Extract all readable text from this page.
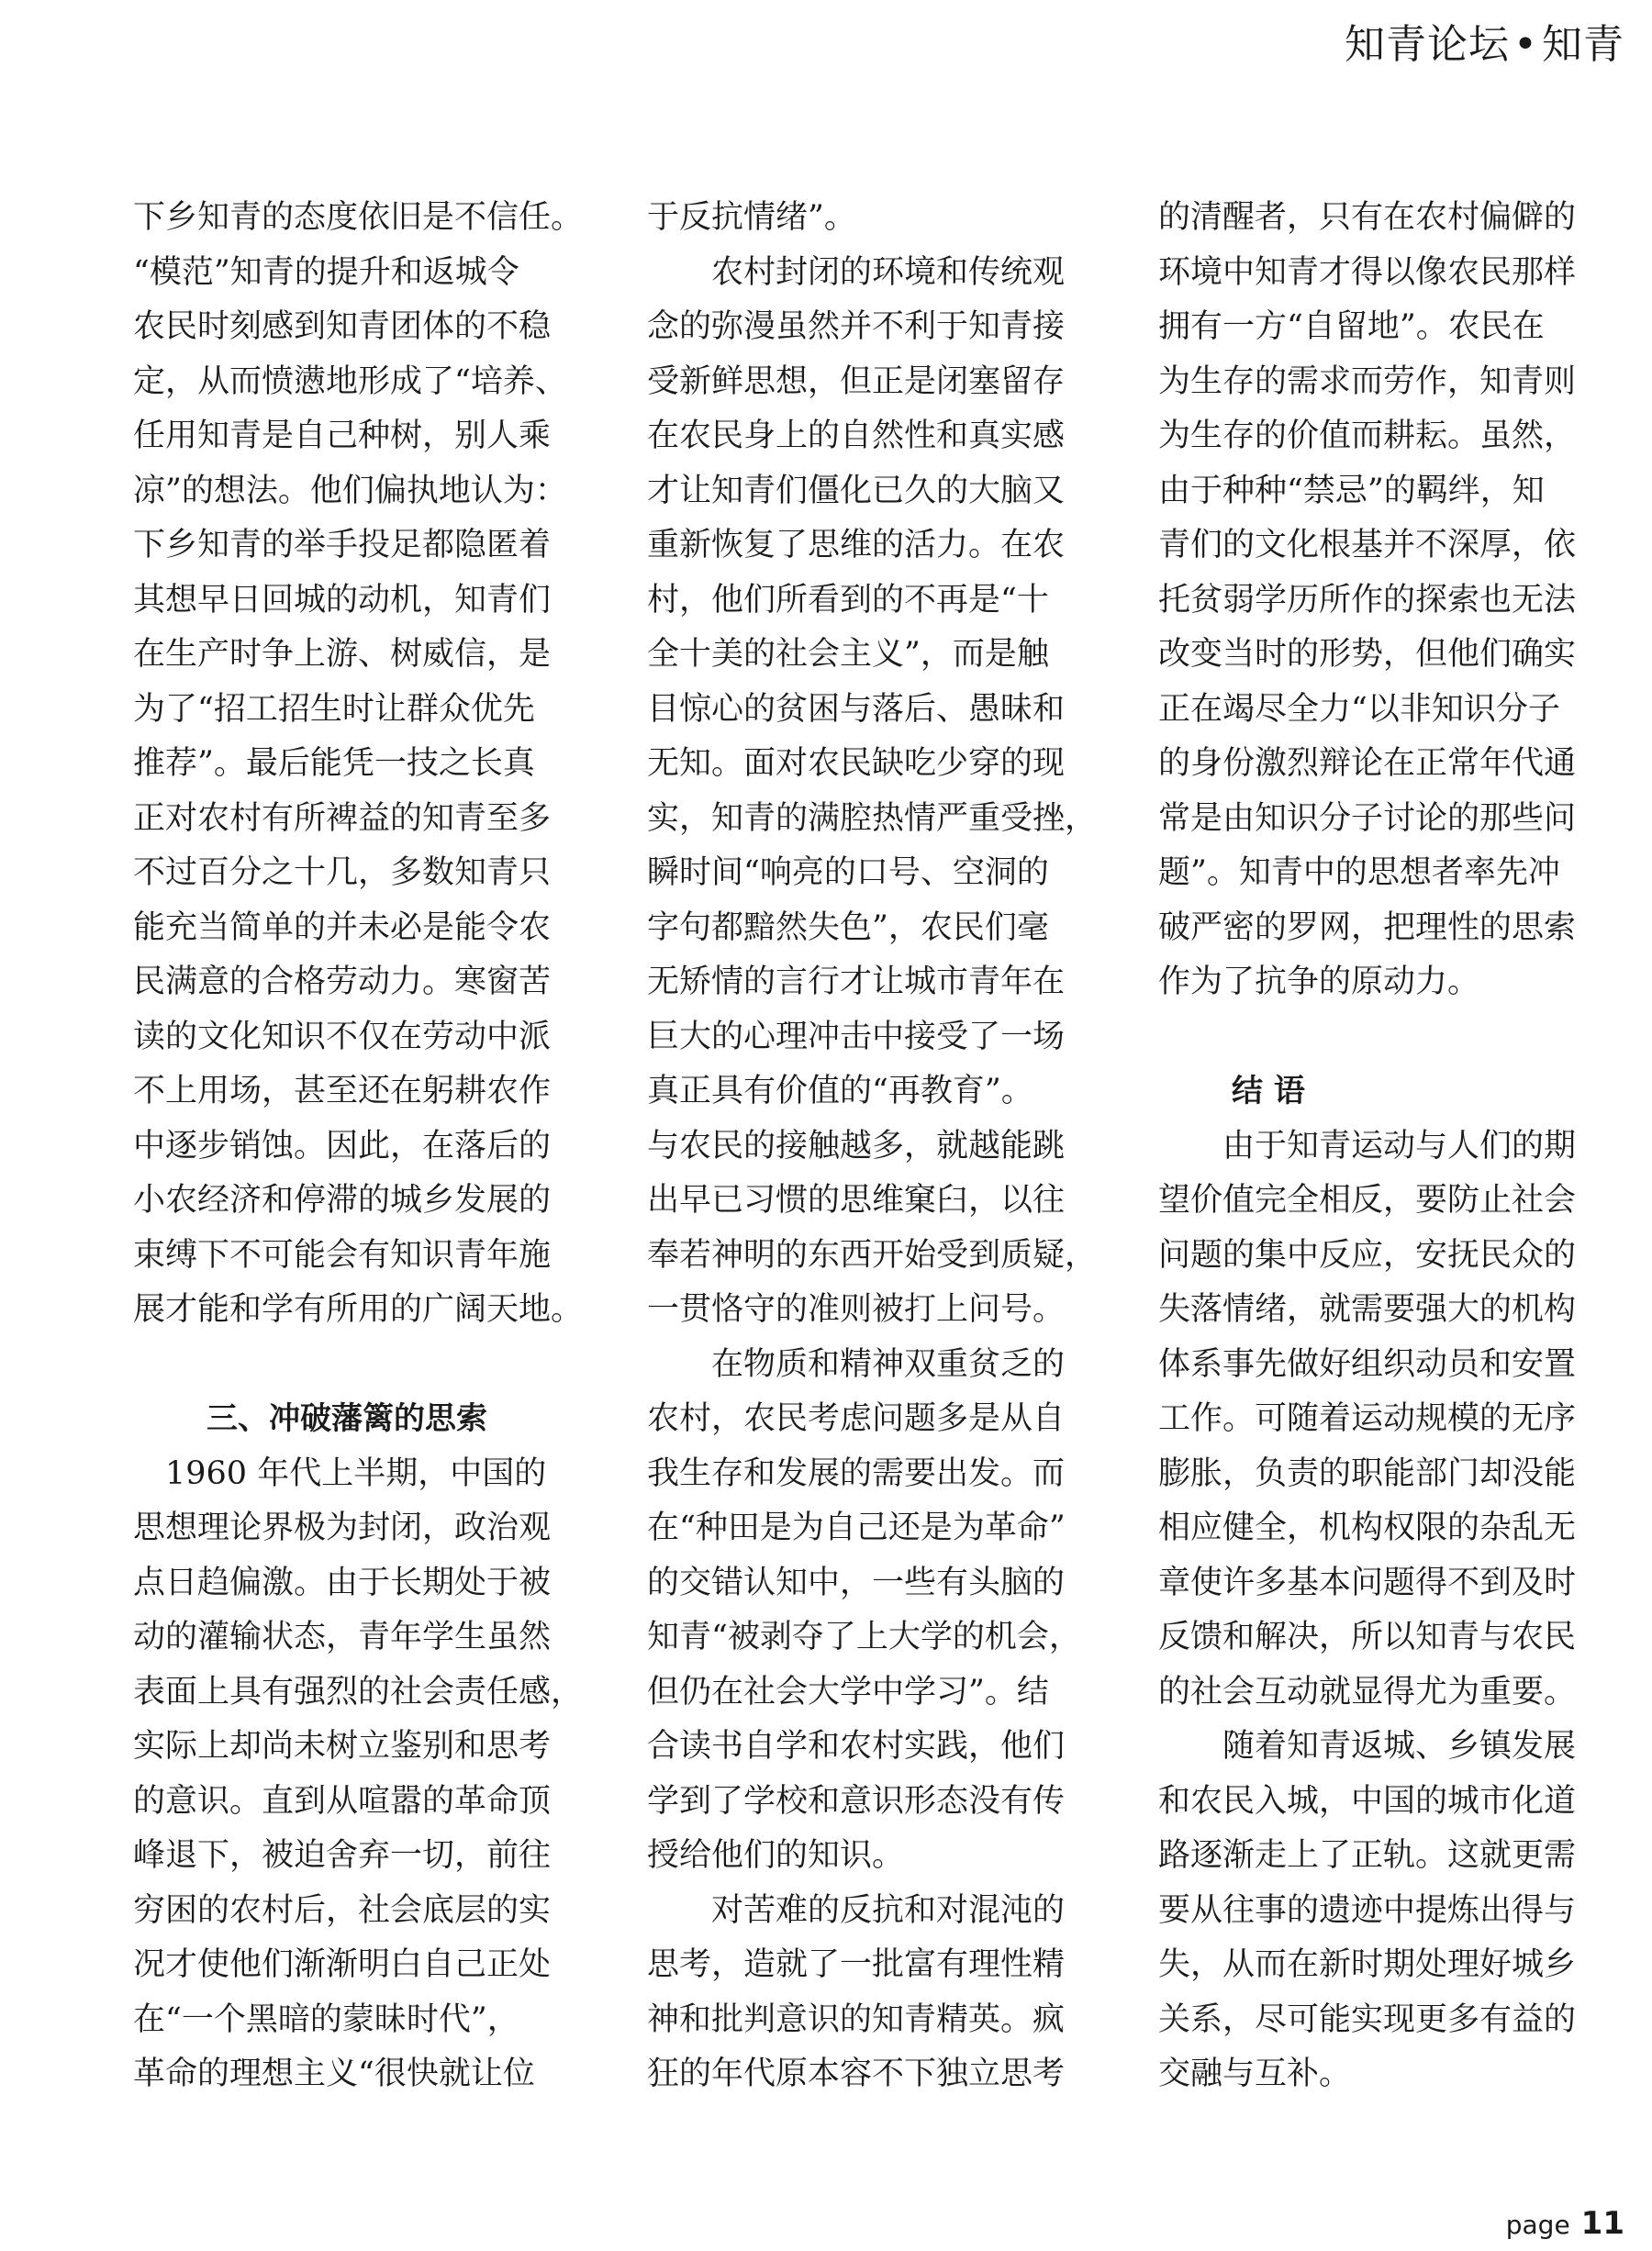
知青论坛•知青
下乡知青的态度依旧是不信任。
“模范”知青的提升和返城令
农民时刻感到知青团体的不稳
定，从而愤懑地形成了“培养、
任用知青是自己种树，别人乘
凉”的想法。他们偏执地认为：
下乡知青的举手投足都隐匿着
其想早日回城的动机，知青们
在生产时争上游、树威信，是
为了“招工招生时让群众优先
推荐”。最后能凭一技之长真
正对农村有所裨益的知青至多
不过百分之十几，多数知青只
能充当简单的并未必是能令农
民满意的合格劳动力。寒窗苦
读的文化知识不仅在劳动中派
不上用场，甚至还在躬耕农作
中逐步销蚀。因此，在落后的
小农经济和停滞的城乡发展的
束缚下不可能会有知识青年施
展才能和学有所用的广阔天地。
三、冲破藩篱的思索
　1960 年代上半期，中国的
思想理论界极为封闭，政治观
点日趋偏激。由于长期处于被
动的灌输状态，青年学生虽然
表面上具有强烈的社会责任感，
实际上却尚未树立鉴别和思考
的意识。直到从喧嚣的革命顶
峰退下，被迫舍弃一切，前往
穷困的农村后，社会底层的实
况才使他们渐渐明白自己正处
在“一个黑暗的蒙昧时代”，
革命的理想主义“很快就让位
于反抗情绪”。
　　农村封闭的环境和传统观
念的弥漫虽然并不利于知青接
受新鲜思想，但正是闭塞留存
在农民身上的自然性和真实感
才让知青们僵化已久的大脑又
重新恢复了思维的活力。在农
村，他们所看到的不再是“十
全十美的社会主义”，而是触
目惊心的贫困与落后、愚昧和
无知。面对农民缺吃少穿的现
实，知青的满腔热情严重受挫，
瞬时间“响亮的口号、空洞的
字句都黯然失色”，农民们毫
无矫情的言行才让城市青年在
巨大的心理冲击中接受了一场
真正具有价值的“再教育”。
与农民的接触越多，就越能跳
出早已习惯的思维窠臼，以往
奉若神明的东西开始受到质疑，
一贯恪守的准则被打上问号。
　　在物质和精神双重贫乏的
农村，农民考虑问题多是从自
我生存和发展的需要出发。而
在“种田是为自己还是为革命”
的交错认知中，一些有头脑的
知青“被剥夺了上大学的机会，
但仍在社会大学中学习”。结
合读书自学和农村实践，他们
学到了学校和意识形态没有传
授给他们的知识。
　　对苦难的反抗和对混沌的
思考，造就了一批富有理性精
神和批判意识的知青精英。疯
狂的年代原本容不下独立思考
的清醒者，只有在农村偏僻的
环境中知青才得以像农民那样
拥有一方“自留地”。农民在
为生存的需求而劳作，知青则
为生存的价值而耕耘。虽然，
由于种种“禁忌”的羁绊，知
青们的文化根基并不深厚，依
托贫弱学历所作的探索也无法
改变当时的形势，但他们确实
正在竭尽全力“以非知识分子
的身份激烈辩论在正常年代通
常是由知识分子讨论的那些问
题”。知青中的思想者率先冲
破严密的罗网，把理性的思索
作为了抗争的原动力。
结 语
　　由于知青运动与人们的期
望价值完全相反，要防止社会
问题的集中反应，安抚民众的
失落情绪，就需要强大的机构
体系事先做好组织动员和安置
工作。可随着运动规模的无序
膨胀，负责的职能部门却没能
相应健全，机构权限的杂乱无
章使许多基本问题得不到及时
反馈和解决，所以知青与农民
的社会互动就显得尤为重要。
　　随着知青返城、乡镇发展
和农民入城，中国的城市化道
路逐渐走上了正轨。这就更需
要从往事的遗迹中提炼出得与
失，从而在新时期处理好城乡
关系，尽可能实现更多有益的
交融与互补。
page 11
